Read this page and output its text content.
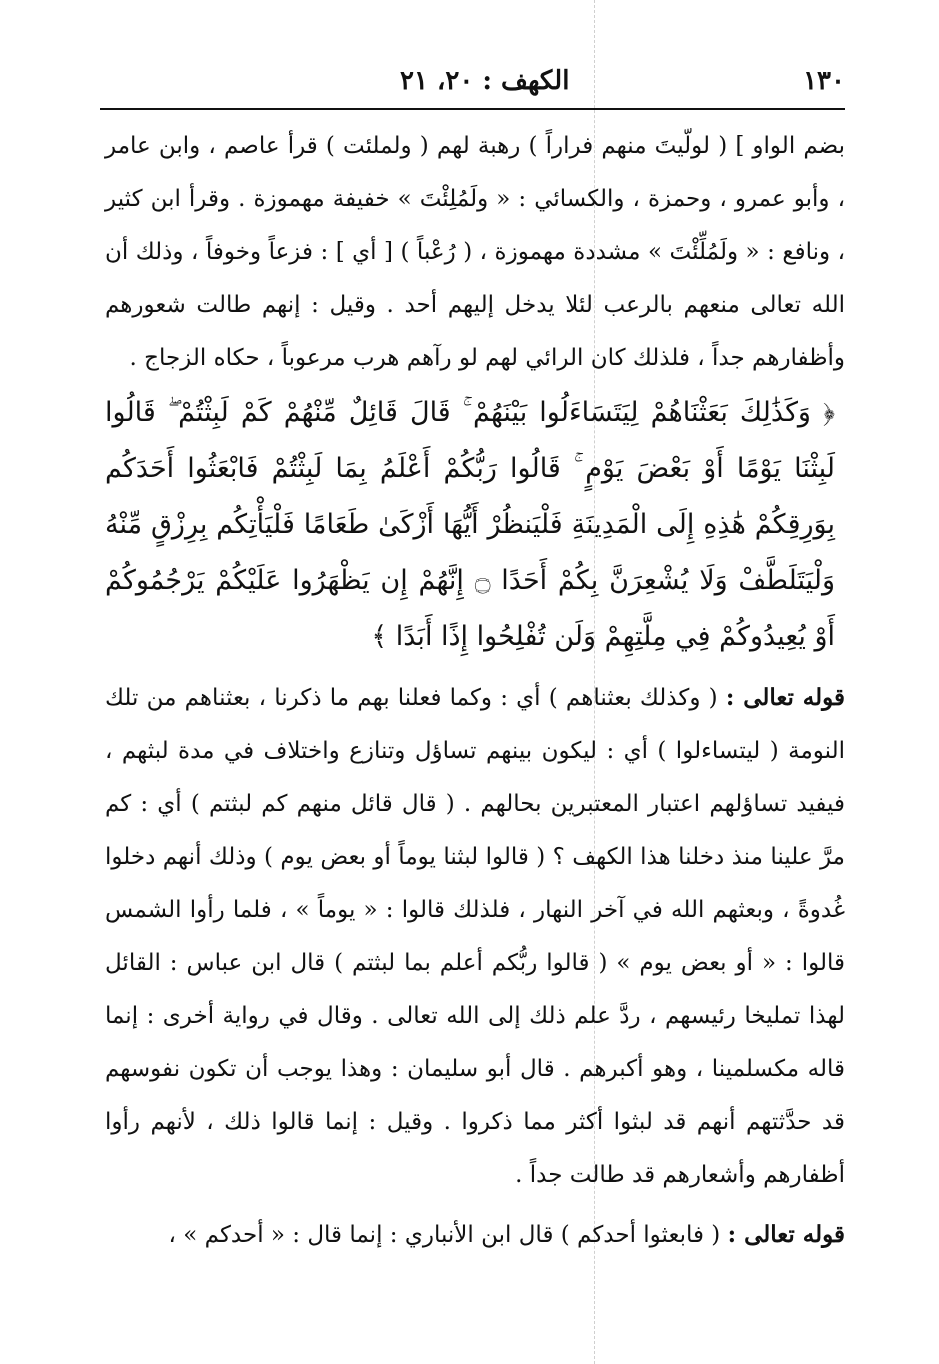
١٣٠
الكهف : ٢٠، ٢١

بضم الواو ] ( لولّيتَ منهم فراراً ) رهبة لهم ( ولملئت ) قرأ عاصم ، وابن عامر ، وأبو عمرو ، وحمزة ، والكسائي : « ولَمُلِئْتَ » خفيفة مهموزة . وقرأ ابن كثير ، ونافع : « ولَمُلِّئْتَ » مشددة مهموزة ، ( رُعْباً ) [ أي ] : فزعاً وخوفاً ، وذلك أن الله تعالى منعهم بالرعب لئلا يدخل إليهم أحد . وقيل : إنهم طالت شعورهم وأظفارهم جداً ، فلذلك كان الرائي لهم لو رآهم هرب مرعوباً ، حكاه الزجاج .

﴿ وَكَذَٰلِكَ بَعَثْنَاهُمْ لِيَتَسَاءَلُوا بَيْنَهُمْ ۚ قَالَ قَائِلٌ مِّنْهُمْ كَمْ لَبِثْتُمْ ۖ قَالُوا لَبِثْنَا يَوْمًا أَوْ بَعْضَ يَوْمٍ ۚ قَالُوا رَبُّكُمْ أَعْلَمُ بِمَا لَبِثْتُمْ فَابْعَثُوا أَحَدَكُم بِوَرِقِكُمْ هَٰذِهِ إِلَى الْمَدِينَةِ فَلْيَنظُرْ أَيُّهَا أَزْكَىٰ طَعَامًا فَلْيَأْتِكُم بِرِزْقٍ مِّنْهُ وَلْيَتَلَطَّفْ وَلَا يُشْعِرَنَّ بِكُمْ أَحَدًا ۝ إِنَّهُمْ إِن يَظْهَرُوا عَلَيْكُمْ يَرْجُمُوكُمْ أَوْ يُعِيدُوكُمْ فِي مِلَّتِهِمْ وَلَن تُفْلِحُوا إِذًا أَبَدًا ﴾

قوله تعالى : ( وكذلك بعثناهم ) أي : وكما فعلنا بهم ما ذكرنا ، بعثناهم من تلك النومة ( ليتساءلوا ) أي : ليكون بينهم تساؤل وتنازع واختلاف في مدة لبثهم ، فيفيد تساؤلهم اعتبار المعتبرين بحالهم . ( قال قائل منهم كم لبثتم ) أي : كم مرَّ علينا منذ دخلنا هذا الكهف ؟ ( قالوا لبثنا يوماً أو بعض يوم ) وذلك أنهم دخلوا غُدوةً ، وبعثهم الله في آخر النهار ، فلذلك قالوا : « يوماً » ، فلما رأوا الشمس قالوا : « أو بعض يوم » ( قالوا ربُّكم أعلم بما لبثتم ) قال ابن عباس : القائل لهذا تمليخا رئيسهم ، ردَّ علم ذلك إلى الله تعالى . وقال في رواية أخرى : إنما قاله مكسلمينا ، وهو أكبرهم . قال أبو سليمان : وهذا يوجب أن تكون نفوسهم قد حدَّثتهم أنهم قد لبثوا أكثر مما ذكروا . وقيل : إنما قالوا ذلك ، لأنهم رأوا أظفارهم وأشعارهم قد طالت جداً .

قوله تعالى : ( فابعثوا أحدكم ) قال ابن الأنباري : إنما قال : « أحدكم » ،
